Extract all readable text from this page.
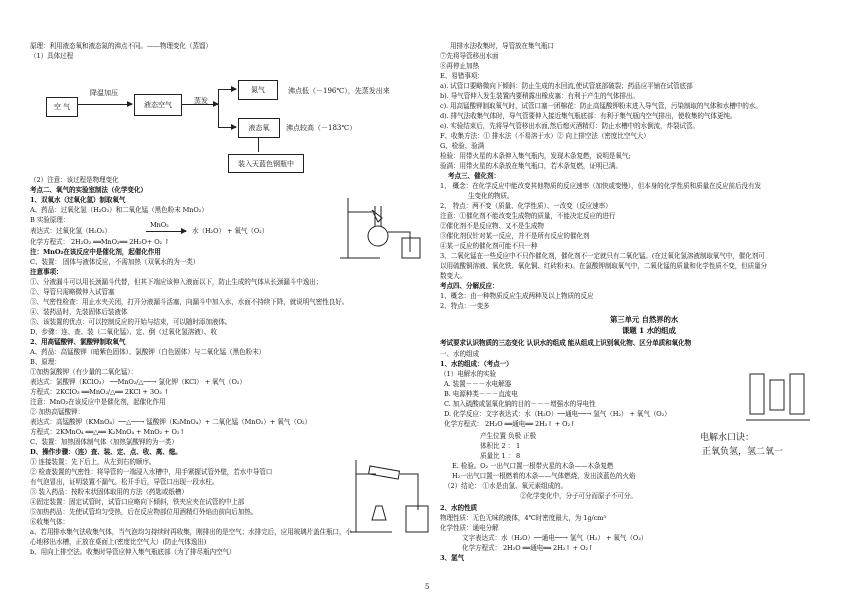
原理：利用液态氧和液态氮的沸点不同。——物理变化（蒸馏）
（1）具体过程
空 气
降温加压
液态空气	蒸发
氮气	沸点低（－196℃），先蒸发出来
液态氧	沸点较高（－183℃）
装入天蓝色钢瓶中
（2）注意：该过程是物理变化
考点二、氧气的实验室制法（化学变化）
1、双氧水（过氧化氢）制取氧气
A、药品：过氧化氢（H₂O₂）和二氧化锰（黑色粉末 MnO₂）
B 实验原理：
表达式：过氧化氢（H₂O₂）
MnO₂
水（H₂O） + 氧气（O₂）
化学方程式： 2H₂O₂ ══MnO₂══ 2H₂O+ O₂ ↑
注：MnO₂在该反应中是催化剂，起催化作用
C、装置： 固体与液体反应，不需加热（双氧水的为一类）
注意事项：
①、分液漏斗可以用长颈漏斗代替，但其下端应该伸入液面以下，防止生成的气体从长颈漏斗中逸出；
②、导管只需略微伸入试管塞
③、气密性检查：用止水夹关闭，打开分液漏斗活塞，向漏斗中加入水，水面不持续下降，就说明气密性良好。
④、装药品时，先装固体后装液体
⑤、该装置的优点：可以控制反应的开始与结束，可以随时添加液体。
D、步骤：连、查、装（二氧化锰）、定、倒（过氧化氢溶液）、收
2、用高锰酸钾、氯酸钾制取氧气
A、药品：高锰酸钾（暗紫色固体）、氯酸钾（白色固体）与二氧化锰（黑色粉末）
B、原理：
①加热氯酸钾（有少量的二氧化锰）：
表达式：氯酸钾（KClO₃） ──MnO₂/△──→ 氯化钾（KCl） + 氧气（O₂）
方程式：2KClO₃ ══MnO₂/△══ 2KCl + 3O₂ ↑
注意：MnO₂在该反应中是催化剂，起催化作用
② 加热高锰酸钾：
表达式：高锰酸钾（KMnO₄）──△──→ 锰酸钾（K₂MnO₄）+ 二氧化锰（MnO₂）+ 氧气（O₂）
方程式：2KMnO₄ ══△══ K₂MnO₄ + MnO₂ + O₂↑
C、装置：加热固体制气体（加热氯酸钾的为一类）
D、操作步骤：（连）查、装、定、点、收、离、熄。
① 连接装置：先下后上，从左到右的顺序。
② 检查装置的气密性：将导管的一端浸入水槽中，用手紧握试管外壁，若水中导管口
有气泡冒出，证明装置不漏气。松开手后，导管口出现一段水柱。
③ 装入药品：按粉末状固体取用的方法（药匙或纸槽）
④固定装置：固定试管时，试管口应略向下倾斜，铁夹应夹在试管的中上部
⑤加热药品：先使试管均匀受热，后在反应物部位用酒精灯外焰由前向后加热。
⑥收集气体：
a、若用排水集气法收集气体，当气泡均匀持续时再收集，刚排出的是空气；水排完后，应用玻璃片盖住瓶口，小
心地移出水槽，正放在桌面上(密度比空气大）(防止气体逸出)
b、用向上排空法。收集时导管应伸入集气瓶底部（为了排尽瓶内空气）
用排水法收集时，导管放在集气瓶口
⑦先将导管移出水面
⑧再停止加热
E、易错事项：
a). 试管口要略微向下倾斜：防止生成的水回流,使试管底部破裂；药品应平铺在试管底部
b). 导气管伸入发生装置内要稍露出橡皮塞：有利于产生的气体排出。
c). 用高锰酸钾制取氧气时，试管口塞一团棉花：防止高锰酸钾粉末进入导气管，污染制取的气体和水槽中的水。
d). 排气法收集气体时，导气管要伸入接近集气瓶底部：有利于集气瓶内空气排出，使收集的气体更纯。
e). 实验结束后，先将导气管移出水面,然后熄灭酒精灯：防止水槽中的水倒流，炸裂试管。
F、收集方法：① 排水法（不易溶于水）② 向上排空法（密度比空气大）
G、检验、验满
检验：用带火星的木条伸入集气瓶内，发现木条复燃，说明是氧气;
验满：用带火星的木条放在集气瓶口，若木条复燃，证明已满。
考点三、催化剂：
1、 概念：在化学反应中能改变其他物质的反应速率（加快或变慢），但本身的化学性质和质量在反应前后没有发
生变化的物质。
2、 特点：两不变（质量、化学性质）、一改变（反应速率）
注意：①催化剂不能改变生成物的质量，不能决定反应的进行
②催化剂不是反应物、又不是生成物
③催化剂仅针对某一反应，并不是所有反应的催化剂
④某一反应的催化剂可能不只一种
3、二氧化锰在一些反应中不只作催化剂，催化剂不一定就只有二氧化锰。(在过氧化氢溶液制取氧气中，催化剂可
以用硫酸铜溶液、氧化铁、氧化铜、红砖粉末)。在氯酸钾制取氧气中，二氧化锰的质量和化学性质不变，但质量分
数变大。
考点四、分解反应：
1、概念：由一种物质反应生成两种及以上物质的反应
2、特点：一变多
第三单元 自然界的水
课题 1 水的组成
考试要求认识物质的三态变化 认识水的组成 能从组成上识别氧化物、区分单质和氧化物
一、水的组成
1、水的组成：（考点一）
（1）电解水的实验
A. 装置－－－水电解器
B. 电源种类－－－直流电
C. 加入硫酸或氢氧化钠的目的－－－增强水的导电性
D. 化学反应：文字表达式：水（H₂O）──通电──→ 氢气（H₂） + 氧气（O₂）
化学方程式： 2H₂O ══通电══ 2H₂↑ + O₂↑
产生位置 负极 正极
体积比 2 ： 1
质量比 1 ： 8
E. 检验。O₂ 一出气口置一根带火星的木条——木条复燃
H₂一出气口置一根燃着的木条——气体燃烧，发出淡蓝色的火焰
（2）结论： ①水是由氢、氧元素组成的。
②化学变化中，分子可分而原子不可分。
电解水口诀：
正氧负氢，氢二氧一
2、水的性质
物理性质：无色无味的液体，4℃时密度最大，为 1g/cm³
化学性质：通电分解
文字表达式：水（H₂O）──通电──→ 氢气（H₂） + 氧气（O₂）
化学方程式： 2H₂O ══通电══ 2H₂↑ + O₂↑
3、氢气
5
